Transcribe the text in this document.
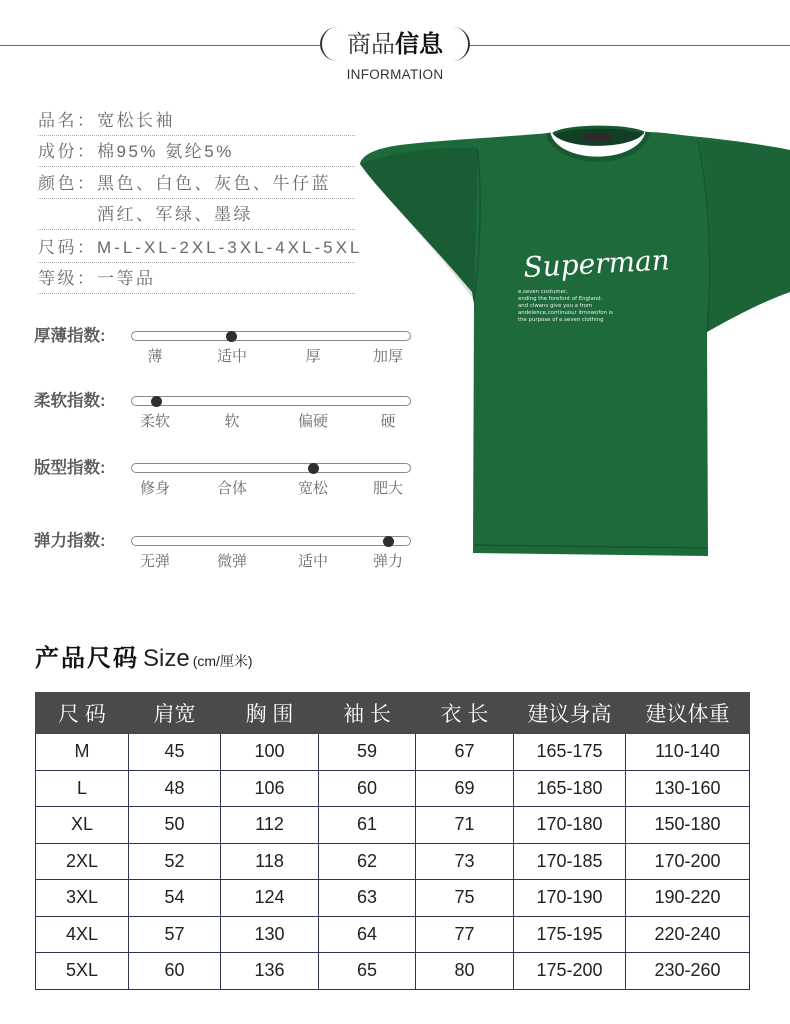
商品信息
INFORMATION
品名：宽松长袖
成份：棉95% 氨纶5%
颜色：黑色、白色、灰色、牛仔蓝
酒红、军绿、墨绿
尺码：M-L-XL-2XL-3XL-4XL-5XL
等级：一等品
厚薄指数:
薄	适中	厚	加厚
柔软指数:
柔软	软	偏硬	硬
版型指数:
修身	合体	宽松	肥大
弹力指数:
无弹	微弹	适中	弹力
Superman
e.seven costumer,
ending the forefont of England.
and clwans give you a from
andelence,continuour itmowofon is
the purpose of e.seven clothing
产品尺码 Size (cm/厘米)
尺 码	肩宽	胸 围	袖 长	衣 长	建议身高	建议体重
M	45	100	59	67	165-175	110-140
L	48	106	60	69	165-180	130-160
XL	50	112	61	71	170-180	150-180
2XL	52	118	62	73	170-185	170-200
3XL	54	124	63	75	170-190	190-220
4XL	57	130	64	77	175-195	220-240
5XL	60	136	65	80	175-200	230-260
